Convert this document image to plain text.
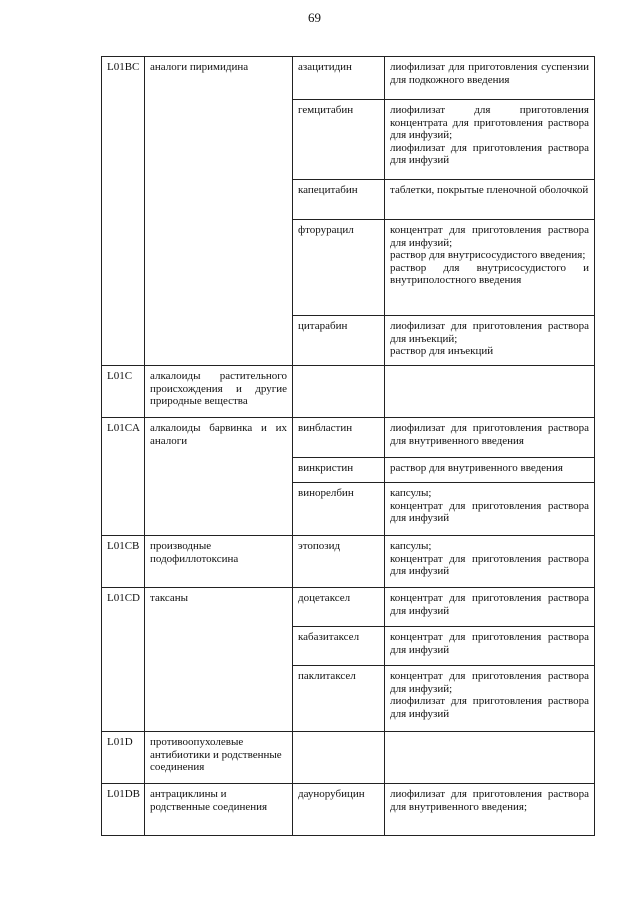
69
L01BC	аналоги пиримидина	азацитидин	лиофилизат для приготовления суспензии для подкожного введения

		гемцитабин	лиофилизат для приготовления концентрата для приготовления раствора для инфузий;
лиофилизат для приготовления раствора для инфузий

		капецитабин	таблетки, покрытые пленочной оболочкой

		фторурацил	концентрат для приготовления раствора для инфузий;
раствор для внутрисосудистого введения;
раствор для внутрисосудистого и внутриполостного введения

		цитарабин	лиофилизат для приготовления раствора для инъекций;
раствор для инъекций

L01C	алкалоиды растительного происхождения и другие природные вещества		

L01CA	алкалоиды барвинка и их аналоги	винбластин	лиофилизат для приготовления раствора для внутривенного введения

		винкристин	раствор для внутривенного введения

		винорелбин	капсулы;
концентрат для приготовления раствора для инфузий

L01CB	производные подофиллотоксина	этопозид	капсулы;
концентрат для приготовления раствора для инфузий

L01CD	таксаны	доцетаксел	концентрат для приготовления раствора для инфузий

		кабазитаксел	концентрат для приготовления раствора для инфузий

		паклитаксел	концентрат для приготовления раствора для инфузий;
лиофилизат для приготовления раствора для инфузий

L01D	противоопухолевые антибиотики и родственные соединения		

L01DB	антрациклины и родственные соединения	даунорубицин	лиофилизат для приготовления раствора для внутривенного введения;
